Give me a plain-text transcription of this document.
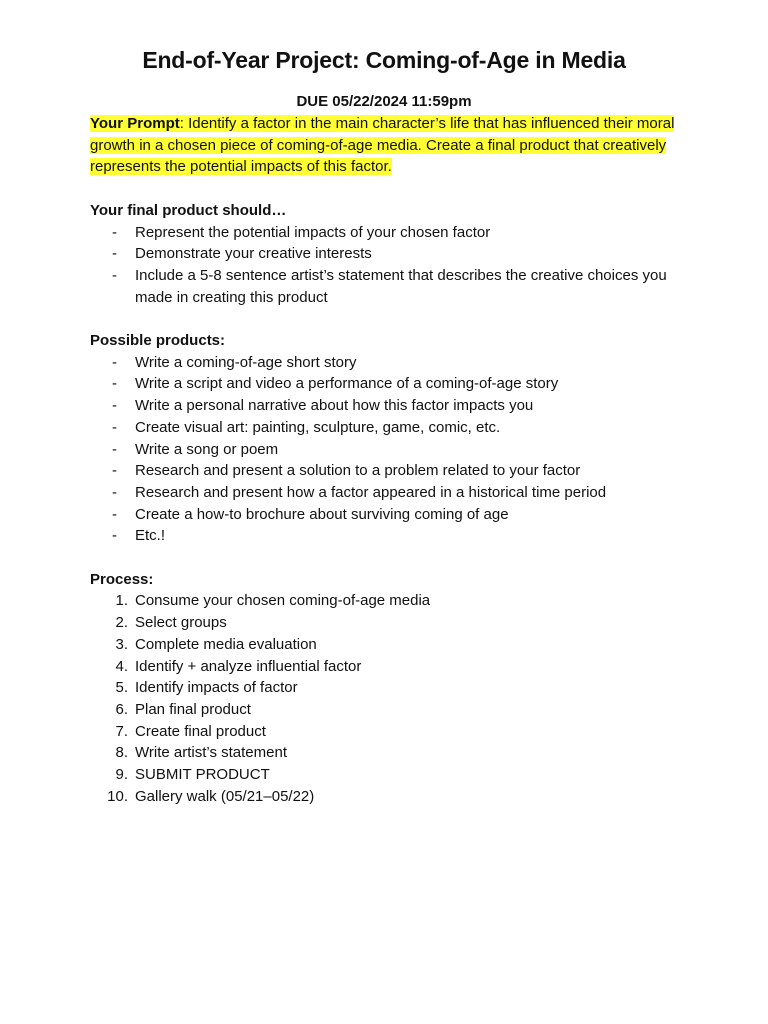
End-of-Year Project: Coming-of-Age in Media
DUE 05/22/2024 11:59pm

Your Prompt: Identify a factor in the main character’s life that has influenced their moral growth in a chosen piece of coming-of-age media. Create a final product that creatively represents the potential impacts of this factor.

Your final product should…
- Represent the potential impacts of your chosen factor
- Demonstrate your creative interests
- Include a 5-8 sentence artist’s statement that describes the creative choices you made in creating this product
Possible products:
- Write a coming-of-age short story
- Write a script and video a performance of a coming-of-age story
- Write a personal narrative about how this factor impacts you
- Create visual art: painting, sculpture, game, comic, etc.
- Write a song or poem
- Research and present a solution to a problem related to your factor
- Research and present how a factor appeared in a historical time period
- Create a how-to brochure about surviving coming of age
- Etc.!
Process:
1. Consume your chosen coming-of-age media
2. Select groups
3. Complete media evaluation
4. Identify + analyze influential factor
5. Identify impacts of factor
6. Plan final product
7. Create final product
8. Write artist’s statement
9. SUBMIT PRODUCT
10. Gallery walk (05/21–05/22)
